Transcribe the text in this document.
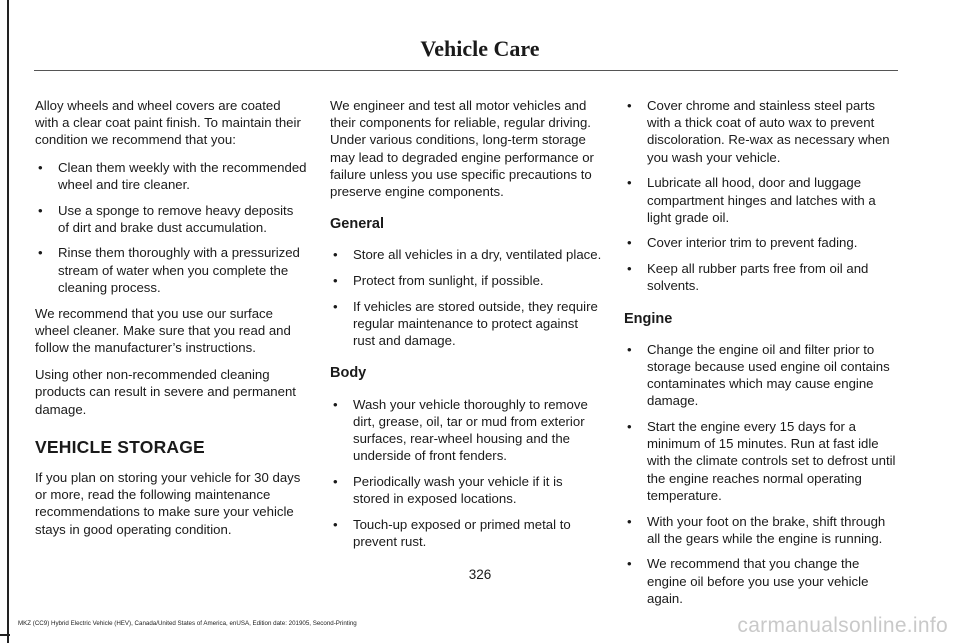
Vehicle Care

Alloy wheels and wheel covers are coated with a clear coat paint finish. To maintain their condition we recommend that you:

• Clean them weekly with the recommended wheel and tire cleaner.
• Use a sponge to remove heavy deposits of dirt and brake dust accumulation.
• Rinse them thoroughly with a pressurized stream of water when you complete the cleaning process.

We recommend that you use our surface wheel cleaner. Make sure that you read and follow the manufacturer’s instructions.

Using other non-recommended cleaning products can result in severe and permanent damage.

VEHICLE STORAGE

If you plan on storing your vehicle for 30 days or more, read the following maintenance recommendations to make sure your vehicle stays in good operating condition.

We engineer and test all motor vehicles and their components for reliable, regular driving. Under various conditions, long-term storage may lead to degraded engine performance or failure unless you use specific precautions to preserve engine components.

General
• Store all vehicles in a dry, ventilated place.
• Protect from sunlight, if possible.
• If vehicles are stored outside, they require regular maintenance to protect against rust and damage.
Body
• Wash your vehicle thoroughly to remove dirt, grease, oil, tar or mud from exterior surfaces, rear-wheel housing and the underside of front fenders.
• Periodically wash your vehicle if it is stored in exposed locations.
• Touch-up exposed or primed metal to prevent rust.
• Cover chrome and stainless steel parts with a thick coat of auto wax to prevent discoloration. Re-wax as necessary when you wash your vehicle.
• Lubricate all hood, door and luggage compartment hinges and latches with a light grade oil.
• Cover interior trim to prevent fading.
• Keep all rubber parts free from oil and solvents.
Engine
• Change the engine oil and filter prior to storage because used engine oil contains contaminates which may cause engine damage.
• Start the engine every 15 days for a minimum of 15 minutes. Run at fast idle with the climate controls set to defrost until the engine reaches normal operating temperature.
• With your foot on the brake, shift through all the gears while the engine is running.
• We recommend that you change the engine oil before you use your vehicle again.
326
MKZ (CC9) Hybrid Electric Vehicle (HEV), Canada/United States of America, enUSA, Edition date: 201905, Second-Printing	carmanualsonline.info
